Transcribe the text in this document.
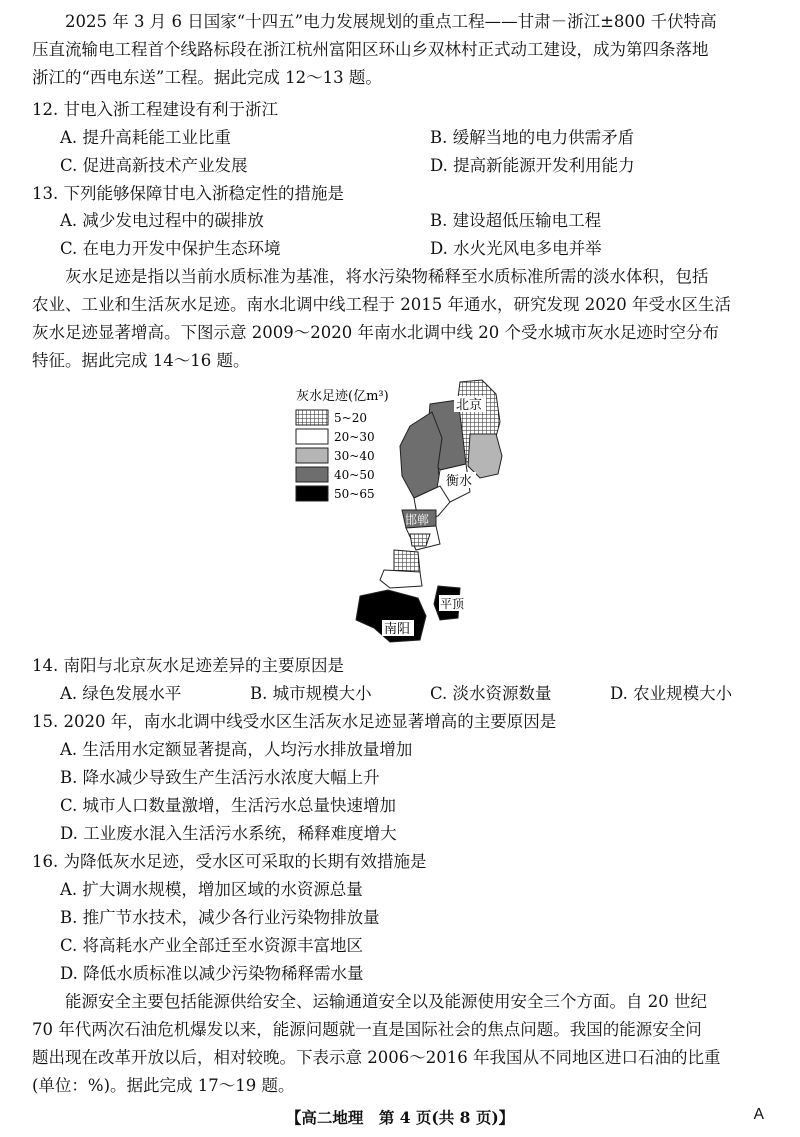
2025 年 3 月 6 日国家“十四五”电力发展规划的重点工程——甘肃－浙江±800 千伏特高
压直流输电工程首个线路标段在浙江杭州富阳区环山乡双林村正式动工建设，成为第四条落地
浙江的“西电东送”工程。据此完成 12～13 题。
12. 甘电入浙工程建设有利于浙江
A. 提升高耗能工业比重	B. 缓解当地的电力供需矛盾
C. 促进高新技术产业发展	D. 提高新能源开发利用能力
13. 下列能够保障甘电入浙稳定性的措施是
A. 减少发电过程中的碳排放	B. 建设超低压输电工程
C. 在电力开发中保护生态环境	D. 水火光风电多电并举
灰水足迹是指以当前水质标准为基准，将水污染物稀释至水质标准所需的淡水体积，包括
农业、工业和生活灰水足迹。南水北调中线工程于 2015 年通水，研究发现 2020 年受水区生活
灰水足迹显著增高。下图示意 2009～2020 年南水北调中线 20 个受水城市灰水足迹时空分布
特征。据此完成 14～16 题。
灰水足迹(亿m³)
5~20
20~30
30~40
40~50
50~65
北京
衡水
邯郸
平顶
南阳
14. 南阳与北京灰水足迹差异的主要原因是
A. 绿色发展水平	B. 城市规模大小	C. 淡水资源数量	D. 农业规模大小
15. 2020 年，南水北调中线受水区生活灰水足迹显著增高的主要原因是
A. 生活用水定额显著提高，人均污水排放量增加
B. 降水减少导致生产生活污水浓度大幅上升
C. 城市人口数量激增，生活污水总量快速增加
D. 工业废水混入生活污水系统，稀释难度增大
16. 为降低灰水足迹，受水区可采取的长期有效措施是
A. 扩大调水规模，增加区域的水资源总量
B. 推广节水技术，减少各行业污染物排放量
C. 将高耗水产业全部迁至水资源丰富地区
D. 降低水质标准以减少污染物稀释需水量
能源安全主要包括能源供给安全、运输通道安全以及能源使用安全三个方面。自 20 世纪
70 年代两次石油危机爆发以来，能源问题就一直是国际社会的焦点问题。我国的能源安全问
题出现在改革开放以后，相对较晚。下表示意 2006～2016 年我国从不同地区进口石油的比重
(单位：%)。据此完成 17～19 题。
【高二地理　第 4 页(共 8 页)】	A
